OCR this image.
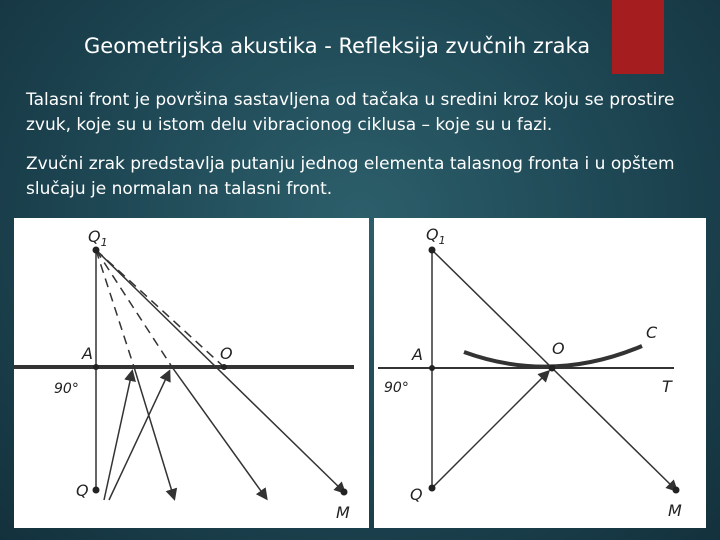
Geometrijska akustika - Refleksija zvučnih zraka
Talasni front je površina sastavljena od tačaka u sredini kroz koju se prostire zvuk, koje su u istom delu vibracionog ciklusa – koje su u fazi.
Zvučni zrak predstavlja putanju jednog elementa talasnog fronta i u opštem slučaju je normalan na talasni front.
$Q_1$
A	O
90°
Q
M
$Q_1$
A	O
C
90°	T
Q
M
